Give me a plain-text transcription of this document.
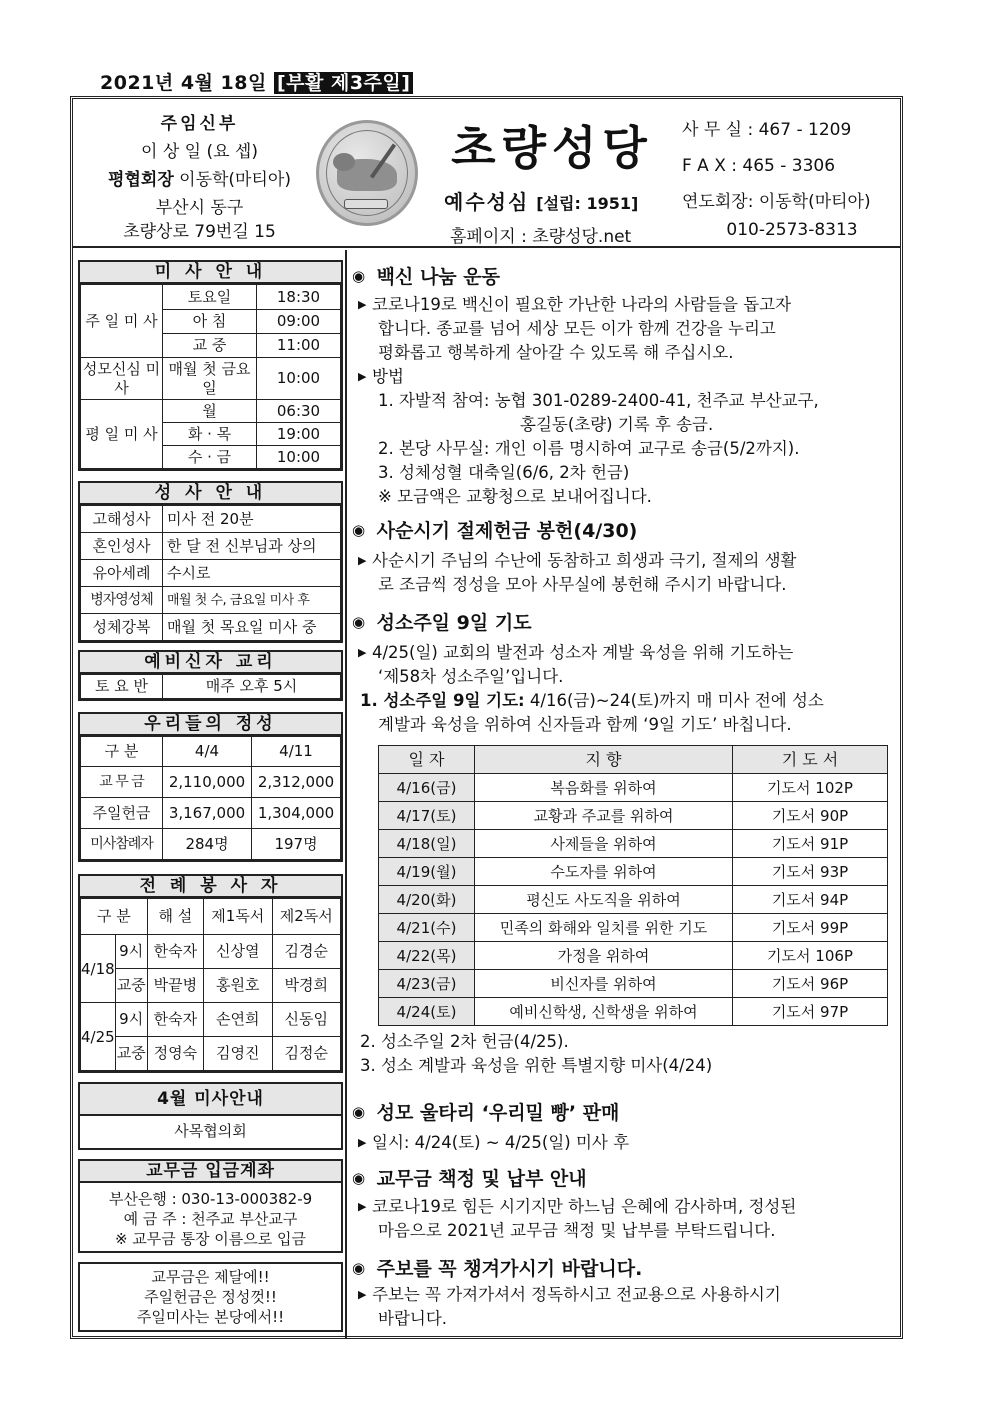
2021년 4월 18일 [부활 제3주일]
주임신부
이 상 일 (요 셉)
평협회장 이동학(마티아)
부산시 동구
초량상로 79번길 15
초량성당
예수성심 [설립: 1951]
홈페이지 : 초량성당.net
사 무 실 : 467 - 1209
F A X : 465 - 3306
연도회장: 이동학(마티아)
010-2573-8313
미 사 안 내
주 일 미 사	토요일	18:30
	아 침	09:00
	교 중	11:00
성모신심 미 사	매월 첫 금요일	10:00
평 일 미 사	월	06:30
	화 · 목	19:00
	수 · 금	10:00
성 사 안 내
고해성사	미사 전 20분
혼인성사	한 달 전 신부님과 상의
유아세례	수시로
병자영성체	매월 첫 수, 금요일 미사 후
성체강복	매월 첫 목요일 미사 중
예비신자 교리
토 요 반	매주 오후 5시
우리들의 정성
구 분	4/4	4/11
교 무 금	2,110,000	2,312,000
주일헌금	3,167,000	1,304,000
미사참례자	284명	197명
전 례 봉 사 자
구 분		해 설	제1독서	제2독서
4/18	9시	한숙자	신상열	김경순
	교중	박끝병	홍원호	박경희
4/25	9시	한숙자	손연희	신동임
	교중	정영숙	김영진	김정순
4월 미사안내
사목협의회
교무금 입금계좌
부산은행 : 030-13-000382-9
예 금 주 : 천주교 부산교구
※ 교무금 통장 이름으로 입금
교무금은 제달에!!
주일헌금은 정성껏!!
주일미사는 본당에서!!
◉ 백신 나눔 운동
▶ 코로나19로 백신이 필요한 가난한 나라의 사람들을 돕고자
합니다. 종교를 넘어 세상 모든 이가 함께 건강을 누리고
평화롭고 행복하게 살아갈 수 있도록 해 주십시오.
▶ 방법
1. 자발적 참여: 농협 301-0289-2400-41, 천주교 부산교구,
홍길동(초량) 기록 후 송금.
2. 본당 사무실: 개인 이름 명시하여 교구로 송금(5/2까지).
3. 성체성혈 대축일(6/6, 2차 헌금)
※ 모금액은 교황청으로 보내어집니다.
◉ 사순시기 절제헌금 봉헌(4/30)
▶ 사순시기 주님의 수난에 동참하고 희생과 극기, 절제의 생활
로 조금씩 정성을 모아 사무실에 봉헌해 주시기 바랍니다.
◉ 성소주일 9일 기도
▶ 4/25(일) 교회의 발전과 성소자 계발 육성을 위해 기도하는
‘제58차 성소주일’입니다.
1. 성소주일 9일 기도: 4/16(금)~24(토)까지 매 미사 전에 성소
계발과 육성을 위하여 신자들과 함께 ‘9일 기도’ 바칩니다.
일 자	지 향	기 도 서
4/16(금)	복음화를 위하여	기도서 102P
4/17(토)	교황과 주교를 위하여	기도서 90P
4/18(일)	사제들을 위하여	기도서 91P
4/19(월)	수도자를 위하여	기도서 93P
4/20(화)	평신도 사도직을 위하여	기도서 94P
4/21(수)	민족의 화해와 일치를 위한 기도	기도서 99P
4/22(목)	가정을 위하여	기도서 106P
4/23(금)	비신자를 위하여	기도서 96P
4/24(토)	예비신학생, 신학생을 위하여	기도서 97P
2. 성소주일 2차 헌금(4/25).
3. 성소 계발과 육성을 위한 특별지향 미사(4/24)
◉ 성모 울타리 ‘우리밀 빵’ 판매
▶ 일시: 4/24(토) ~ 4/25(일) 미사 후
◉ 교무금 책정 및 납부 안내
▶ 코로나19로 힘든 시기지만 하느님 은혜에 감사하며, 정성된
마음으로 2021년 교무금 책정 및 납부를 부탁드립니다.
◉ 주보를 꼭 챙겨가시기 바랍니다.
▶ 주보는 꼭 가져가셔서 정독하시고 전교용으로 사용하시기
바랍니다.
